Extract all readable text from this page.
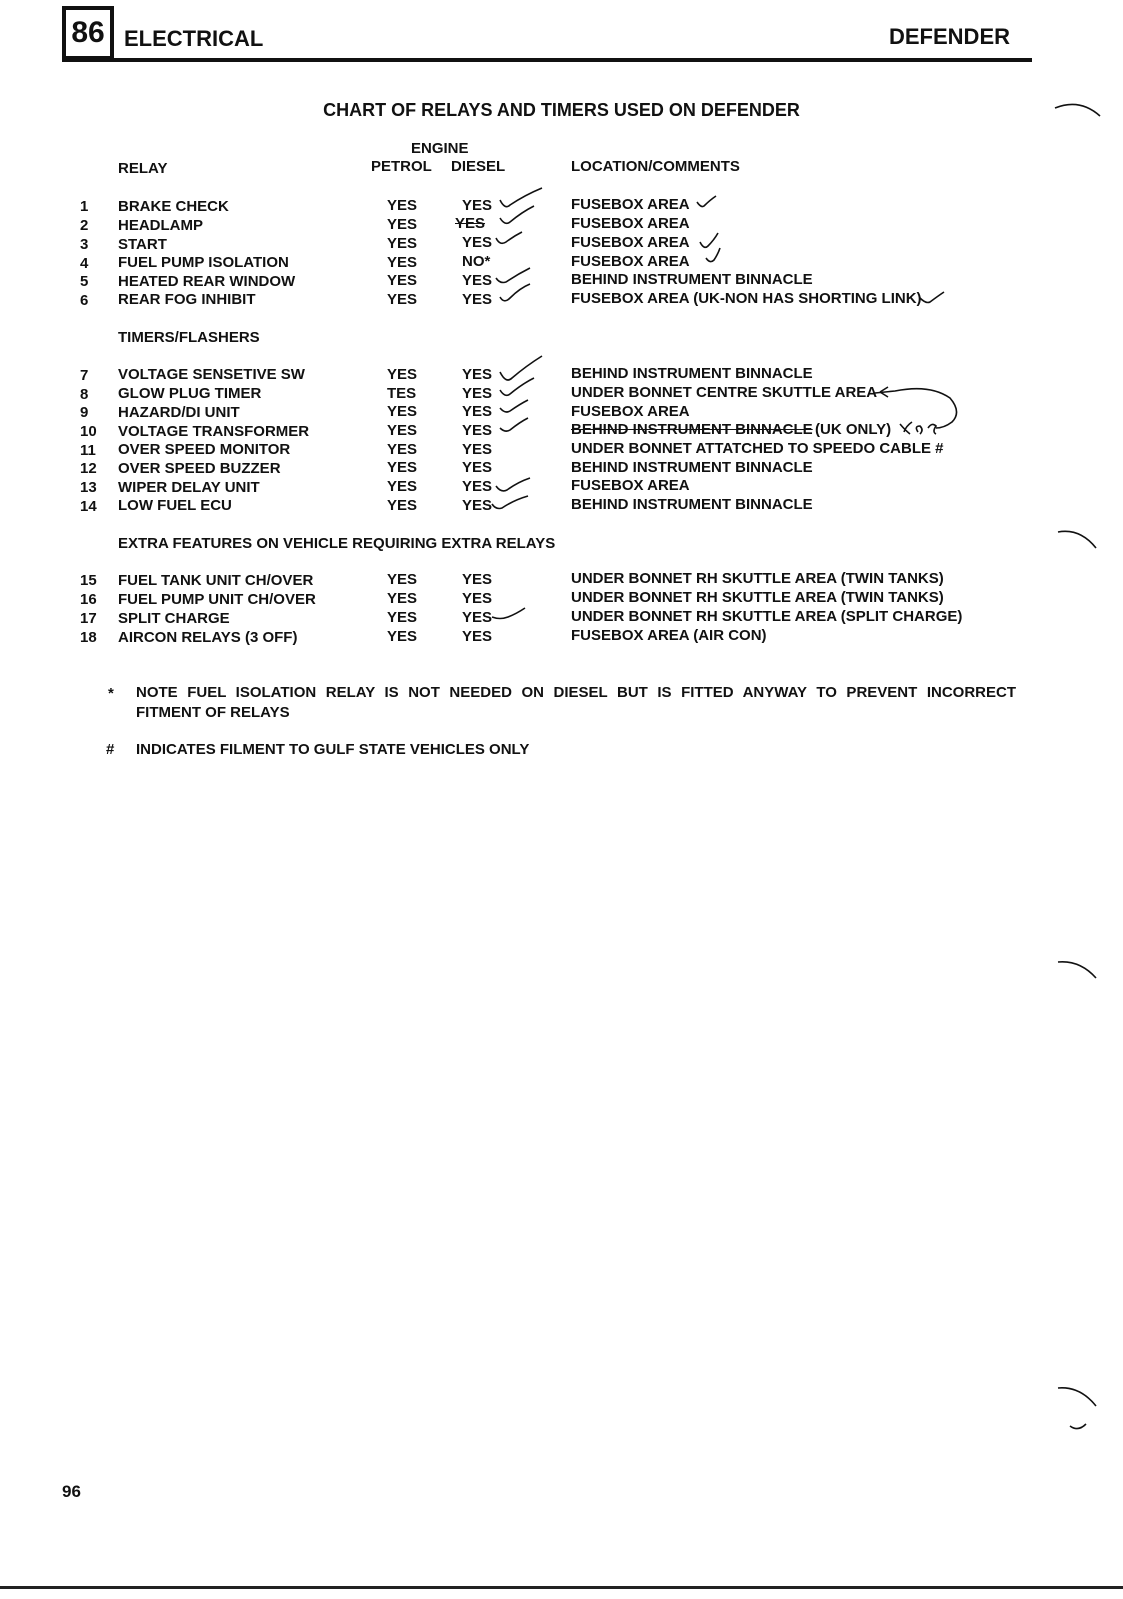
86 ELECTRICAL	DEFENDER
CHART OF RELAYS AND TIMERS USED ON DEFENDER
ENGINE
RELAY	PETROL DIESEL	LOCATION/COMMENTS
1 BRAKE CHECK	YES	YES	FUSEBOX AREA
2 HEADLAMP	YES	YES	FUSEBOX AREA
3 START	YES	YES	FUSEBOX AREA
4 FUEL PUMP ISOLATION	YES	NO*	FUSEBOX AREA
5 HEATED REAR WINDOW	YES	YES	BEHIND INSTRUMENT BINNACLE
6 REAR FOG INHIBIT	YES	YES	FUSEBOX AREA (UK-NON HAS SHORTING LINK)
TIMERS/FLASHERS
7 VOLTAGE SENSETIVE SW	YES	YES	BEHIND INSTRUMENT BINNACLE
8 GLOW PLUG TIMER	TES	YES	UNDER BONNET CENTRE SKUTTLE AREA
9 HAZARD/DI UNIT	YES	YES	FUSEBOX AREA
10 VOLTAGE TRANSFORMER	YES	YES	BEHIND INSTRUMENT BINNACLE (UK ONLY)
11 OVER SPEED MONITOR	YES	YES	UNDER BONNET ATTATCHED TO SPEEDO CABLE #
12 OVER SPEED BUZZER	YES	YES	BEHIND INSTRUMENT BINNACLE
13 WIPER DELAY UNIT	YES	YES	FUSEBOX AREA
14 LOW FUEL ECU	YES	YES	BEHIND INSTRUMENT BINNACLE
EXTRA FEATURES ON VEHICLE REQUIRING EXTRA RELAYS
15 FUEL TANK UNIT CH/OVER	YES	YES	UNDER BONNET RH SKUTTLE AREA (TWIN TANKS)
16 FUEL PUMP UNIT CH/OVER	YES	YES	UNDER BONNET RH SKUTTLE AREA (TWIN TANKS)
17 SPLIT CHARGE	YES	YES	UNDER BONNET RH SKUTTLE AREA (SPLIT CHARGE)
18 AIRCON RELAYS (3 OFF)	YES	YES	FUSEBOX AREA (AIR CON)
* NOTE FUEL ISOLATION RELAY IS NOT NEEDED ON DIESEL BUT IS FITTED ANYWAY TO PREVENT INCORRECT
FITMENT OF RELAYS
# INDICATES FILMENT TO GULF STATE VEHICLES ONLY
96
